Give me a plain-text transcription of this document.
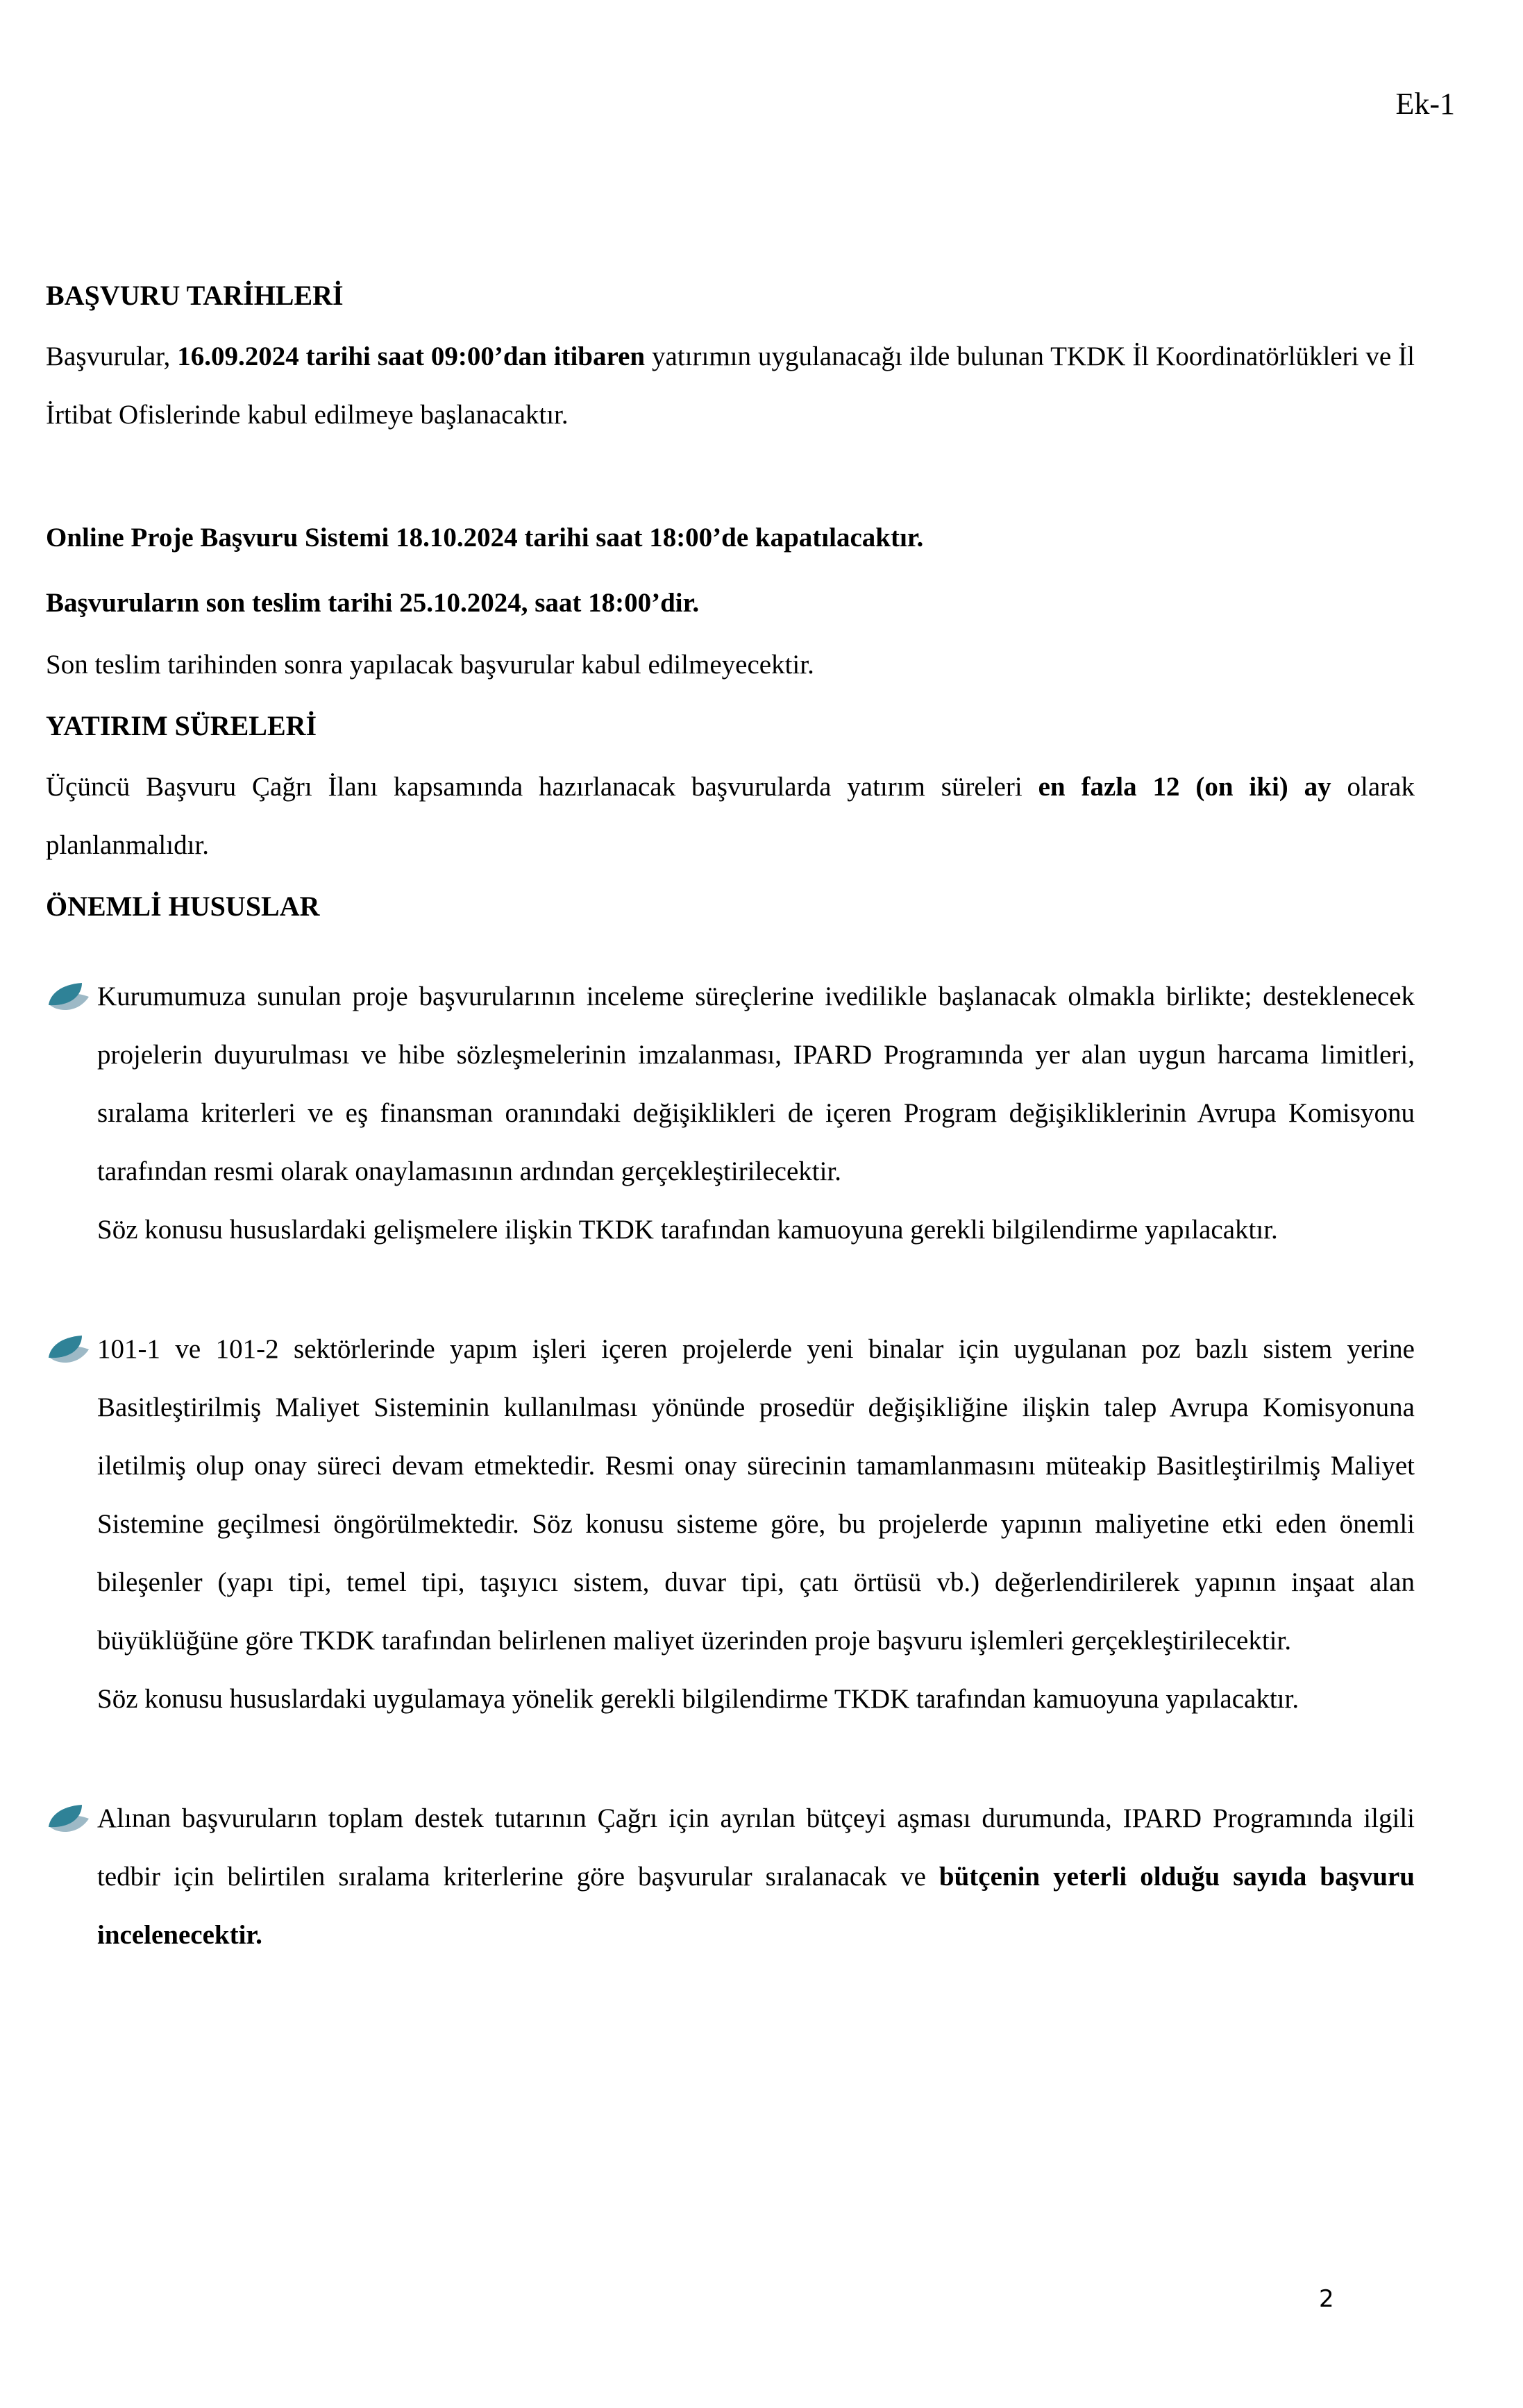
Ek-1
BAŞVURU TARİHLERİ

Başvurular, 16.09.2024 tarihi saat 09:00’dan itibaren yatırımın uygulanacağı ilde bulunan TKDK İl Koordinatörlükleri ve İl İrtibat Ofislerinde kabul edilmeye başlanacaktır.

Online Proje Başvuru Sistemi 18.10.2024 tarihi saat 18:00’de kapatılacaktır.

Başvuruların son teslim tarihi 25.10.2024, saat 18:00’dir.

Son teslim tarihinden sonra yapılacak başvurular kabul edilmeyecektir.

YATIRIM SÜRELERİ

Üçüncü Başvuru Çağrı İlanı kapsamında hazırlanacak başvurularda yatırım süreleri en fazla 12 (on iki) ay olarak planlanmalıdır.

ÖNEMLİ HUSUSLAR

Kurumumuza sunulan proje başvurularının inceleme süreçlerine ivedilikle başlanacak olmakla birlikte; desteklenecek projelerin duyurulması ve hibe sözleşmelerinin imzalanması, IPARD Programında yer alan uygun harcama limitleri, sıralama kriterleri ve eş finansman oranındaki değişiklikleri de içeren Program değişikliklerinin Avrupa Komisyonu tarafından resmi olarak onaylamasının ardından gerçekleştirilecektir.

Söz konusu hususlardaki gelişmelere ilişkin TKDK tarafından kamuoyuna gerekli bilgilendirme yapılacaktır.

101-1 ve 101-2 sektörlerinde yapım işleri içeren projelerde yeni binalar için uygulanan poz bazlı sistem yerine Basitleştirilmiş Maliyet Sisteminin kullanılması yönünde prosedür değişikliğine ilişkin talep Avrupa Komisyonuna iletilmiş olup onay süreci devam etmektedir. Resmi onay sürecinin tamamlanmasını müteakip Basitleştirilmiş Maliyet Sistemine geçilmesi öngörülmektedir. Söz konusu sisteme göre, bu projelerde yapının maliyetine etki eden önemli bileşenler (yapı tipi, temel tipi, taşıyıcı sistem, duvar tipi, çatı örtüsü vb.) değerlendirilerek yapının inşaat alan büyüklüğüne göre TKDK tarafından belirlenen maliyet üzerinden proje başvuru işlemleri gerçekleştirilecektir.

Söz konusu hususlardaki uygulamaya yönelik gerekli bilgilendirme TKDK tarafından kamuoyuna yapılacaktır.

Alınan başvuruların toplam destek tutarının Çağrı için ayrılan bütçeyi aşması durumunda, IPARD Programında ilgili tedbir için belirtilen sıralama kriterlerine göre başvurular sıralanacak ve bütçenin yeterli olduğu sayıda başvuru incelenecektir.

2
